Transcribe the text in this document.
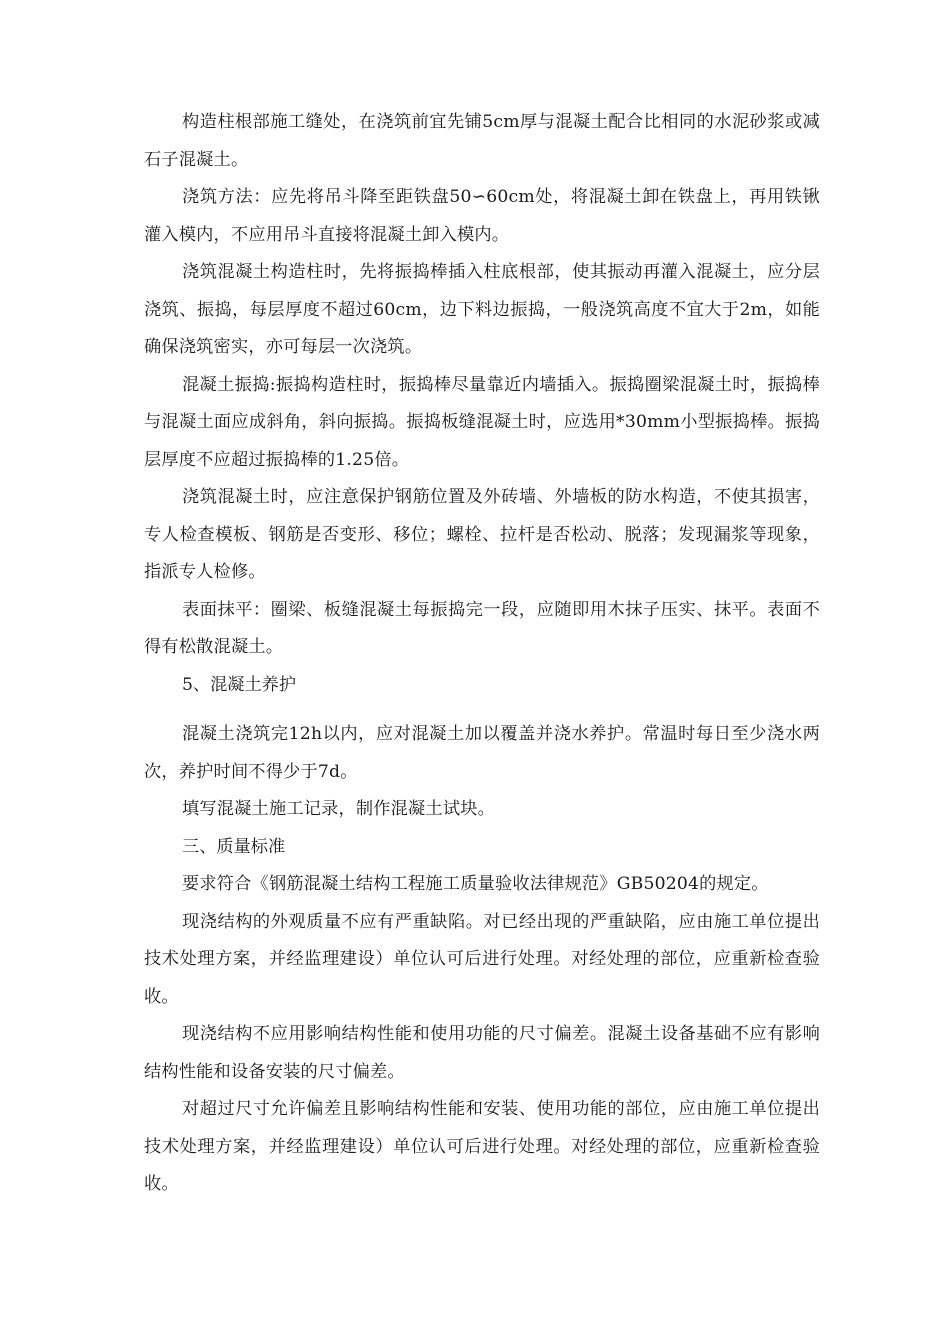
构造柱根部施工缝处，在浇筑前宜先铺5cm厚与混凝土配合比相同的水泥砂浆或减石子混凝土。

浇筑方法：应先将吊斗降至距铁盘50∽60cm处，将混凝土卸在铁盘上，再用铁锹灌入模内，不应用吊斗直接将混凝土卸入模内。

浇筑混凝土构造柱时，先将振捣棒插入柱底根部，使其振动再灌入混凝土，应分层浇筑、振捣，每层厚度不超过60cm，边下料边振捣，一般浇筑高度不宜大于2m，如能确保浇筑密实，亦可每层一次浇筑。

混凝土振捣:振捣构造柱时，振捣棒尽量靠近内墙插入。振捣圈梁混凝土时，振捣棒与混凝土面应成斜角，斜向振捣。振捣板缝混凝土时，应选用*30mm小型振捣棒。振捣层厚度不应超过振捣棒的1.25倍。

浇筑混凝土时，应注意保护钢筋位置及外砖墙、外墙板的防水构造，不使其损害，专人检查模板、钢筋是否变形、移位；螺栓、拉杆是否松动、脱落；发现漏浆等现象，指派专人检修。

表面抹平：圈梁、板缝混凝土每振捣完一段，应随即用木抹子压实、抹平。表面不得有松散混凝土。

5、混凝土养护

混凝土浇筑完12h以内，应对混凝土加以覆盖并浇水养护。常温时每日至少浇水两次，养护时间不得少于7d。

填写混凝土施工记录，制作混凝土试块。

三、质量标准

要求符合《钢筋混凝土结构工程施工质量验收法律规范》GB50204的规定。

现浇结构的外观质量不应有严重缺陷。对已经出现的严重缺陷，应由施工单位提出技术处理方案，并经监理建设）单位认可后进行处理。对经处理的部位，应重新检查验收。

现浇结构不应用影响结构性能和使用功能的尺寸偏差。混凝土设备基础不应有影响结构性能和设备安装的尺寸偏差。

对超过尺寸允许偏差且影响结构性能和安装、使用功能的部位，应由施工单位提出技术处理方案，并经监理建设）单位认可后进行处理。对经处理的部位，应重新检查验收。
